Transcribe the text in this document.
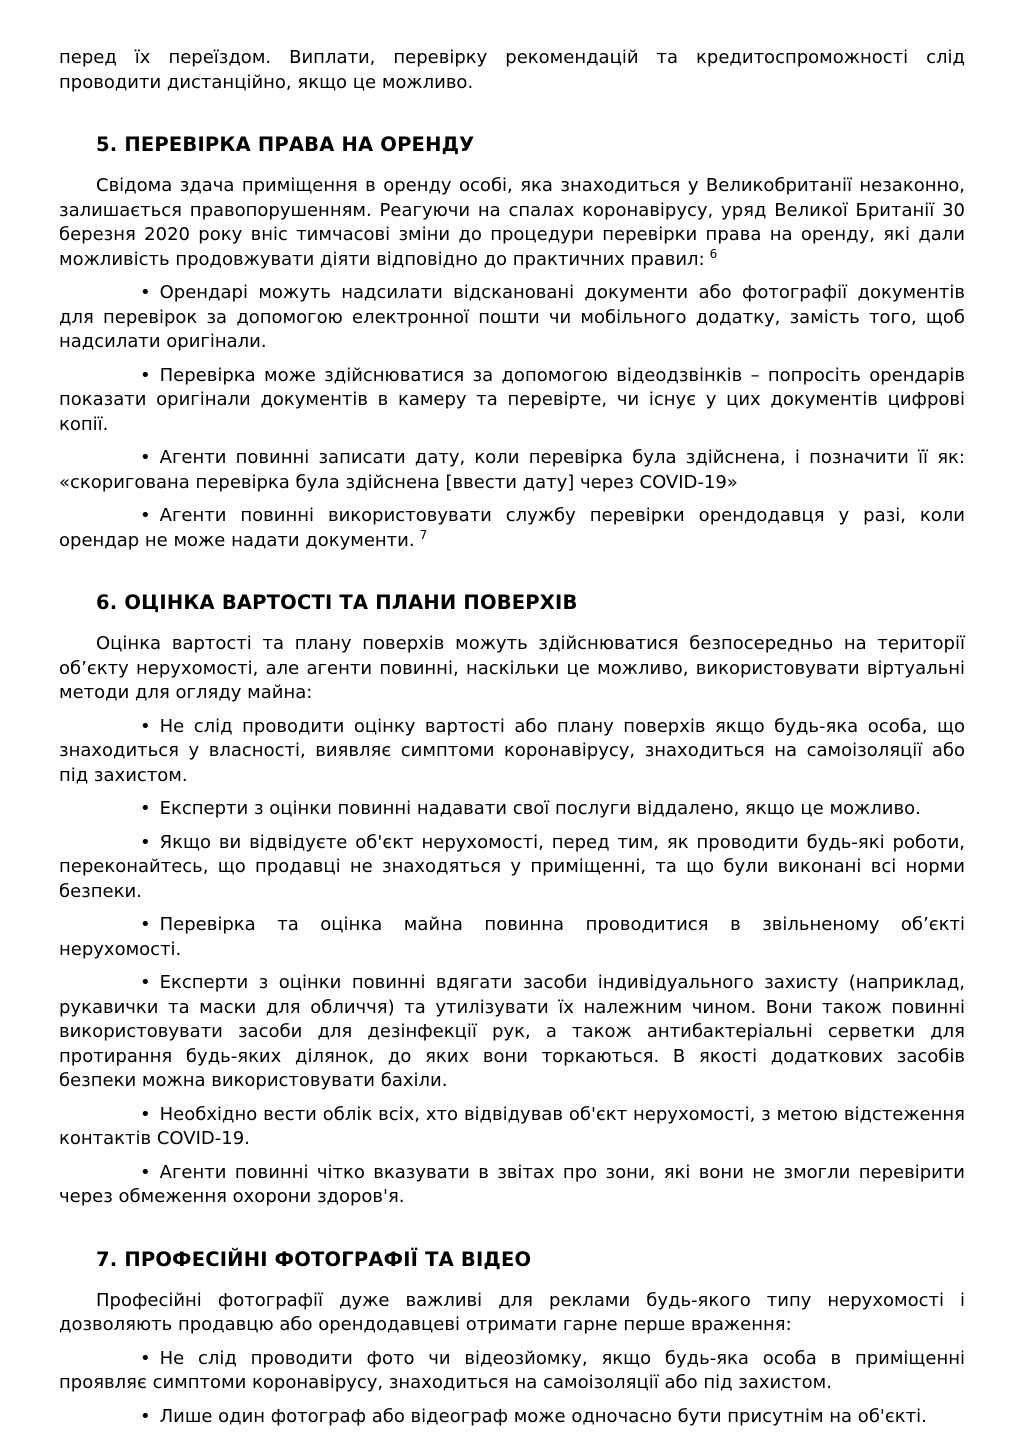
перед їх переїздом. Виплати, перевірку рекомендацій та кредитоспроможності слід проводити дистанційно, якщо це можливо.

5. ПЕРЕВІРКА ПРАВА НА ОРЕНДУ

Свідома здача приміщення в оренду особі, яка знаходиться у Великобританії незаконно, залишається правопорушенням. Реагуючи на спалах коронавірусу, уряд Великої Британії 30 березня 2020 року вніс тимчасові зміни до процедури перевірки права на оренду, які дали можливість продовжувати діяти відповідно до практичних правил: $^6$

• Орендарі можуть надсилати відскановані документи або фотографії документів для перевірок за допомогою електронної пошти чи мобільного додатку, замість того, щоб надсилати оригінали.

• Перевірка може здійснюватися за допомогою відеодзвінків – попросіть орендарів показати оригінали документів в камеру та перевірте, чи існує у цих документів цифрові копії.

• Агенти повинні записати дату, коли перевірка була здійснена, і позначити її як: «скоригована перевірка була здійснена [ввести дату] через COVID-19»

• Агенти повинні використовувати службу перевірки орендодавця у разі, коли орендар не може надати документи. $^7$

6. ОЦІНКА ВАРТОСТІ ТА ПЛАНИ ПОВЕРХІВ

Оцінка вартості та плану поверхів можуть здійснюватися безпосередньо на території об’єкту нерухомості, але агенти повинні, наскільки це можливо, використовувати віртуальні методи для огляду майна:

• Не слід проводити оцінку вартості або плану поверхів якщо будь-яка особа, що знаходиться у власності, виявляє симптоми коронавірусу, знаходиться на самоізоляції або під захистом.

• Експерти з оцінки повинні надавати свої послуги віддалено, якщо це можливо.

• Якщо ви відвідуєте об'єкт нерухомості, перед тим, як проводити будь-які роботи, переконайтесь, що продавці не знаходяться у приміщенні, та що були виконані всі норми безпеки.

• Перевірка та оцінка майна повинна проводитися в звільненому об’єкті нерухомості.

• Експерти з оцінки повинні вдягати засоби індивідуального захисту (наприклад, рукавички та маски для обличчя) та утилізувати їх належним чином. Вони також повинні використовувати засоби для дезінфекції рук, а також антибактеріальні серветки для протирання будь-яких ділянок, до яких вони торкаються. В якості додаткових засобів безпеки можна використовувати бахіли.

• Необхідно вести облік всіх, хто відвідував об'єкт нерухомості, з метою відстеження контактів COVID-19.

• Агенти повинні чітко вказувати в звітах про зони, які вони не змогли перевірити через обмеження охорони здоров'я.

7. ПРОФЕСІЙНІ ФОТОГРАФІЇ ТА ВІДЕО

Професійні фотографії дуже важливі для реклами будь-якого типу нерухомості і дозволяють продавцю або орендодавцеві отримати гарне перше враження:

• Не слід проводити фото чи відеозйомку, якщо будь-яка особа в приміщенні проявляє симптоми коронавірусу, знаходиться на самоізоляції або під захистом.

• Лише один фотограф або відеограф може одночасно бути присутнім на об'єкті.
